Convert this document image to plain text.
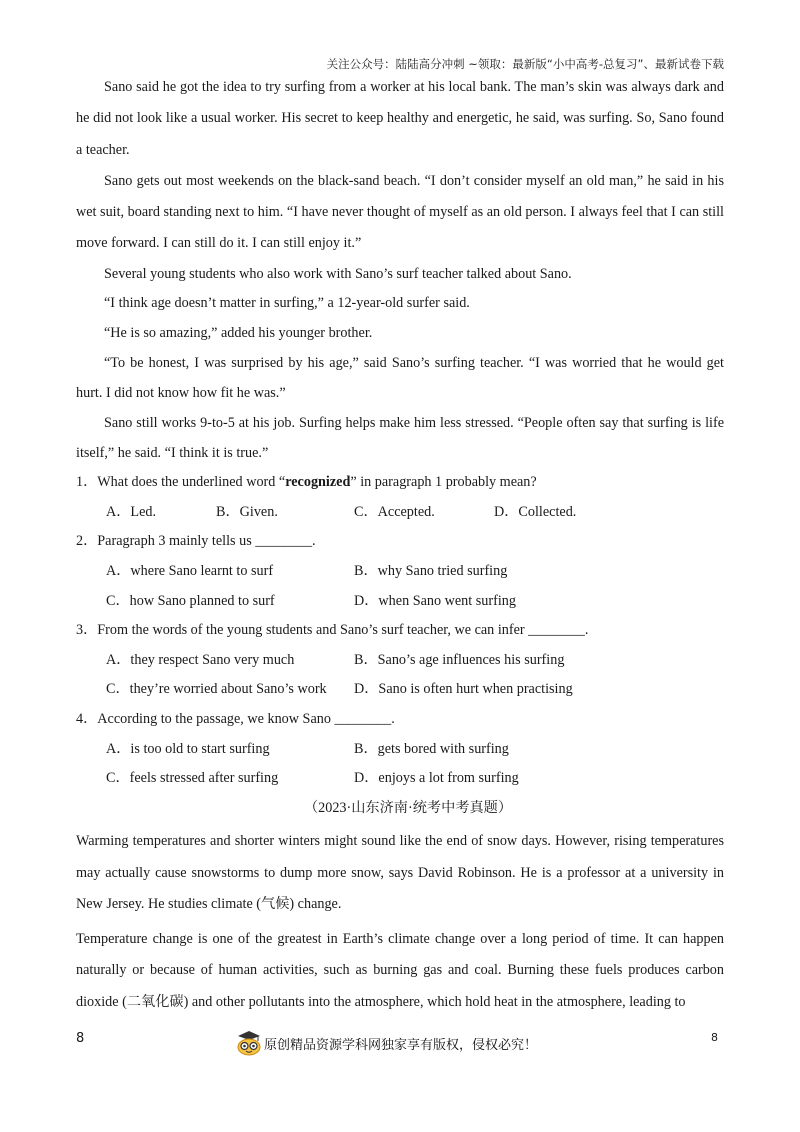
关注公众号：陆陆高分冲刺 ~领取：最新版“小中高考-总复习”、最新试卷下载

Sano said he got the idea to try surfing from a worker at his local bank. The man’s skin was always dark and he did not look like a usual worker. His secret to keep healthy and energetic, he said, was surfing. So, Sano found a teacher.

Sano gets out most weekends on the black-sand beach. “I don’t consider myself an old man,” he said in his wet suit, board standing next to him. “I have never thought of myself as an old person. I always feel that I can still move forward. I can still do it. I can still enjoy it.”

Several young students who also work with Sano’s surf teacher talked about Sano.
“I think age doesn’t matter in surfing,” a 12-year-old surfer said.
“He is so amazing,” added his younger brother.

“To be honest, I was surprised by his age,” said Sano’s surfing teacher. “I was worried that he would get hurt. I did not know how fit he was.”

Sano still works 9-to-5 at his job. Surfing helps make him less stressed. “People often say that surfing is life itself,” he said. “I think it is true.”

1．What does the underlined word “recognized” in paragraph 1 probably mean?
A．Led.	B．Given.	C．Accepted.	D．Collected.
2．Paragraph 3 mainly tells us ________.
A．where Sano learnt to surf	B．why Sano tried surfing
C．how Sano planned to surf	D．when Sano went surfing
3．From the words of the young students and Sano’s surf teacher, we can infer ________.
A．they respect Sano very much	B．Sano’s age influences his surfing
C．they’re worried about Sano’s work	D．Sano is often hurt when practising
4．According to the passage, we know Sano ________.
A．is too old to start surfing	B．gets bored with surfing
C．feels stressed after surfing	D．enjoys a lot from surfing
（2023·山东济南·统考中考真题）

Warming temperatures and shorter winters might sound like the end of snow days. However, rising temperatures may actually cause snowstorms to dump more snow, says David Robinson. He is a professor at a university in New Jersey. He studies climate (气候) change.

Temperature change is one of the greatest in Earth’s climate change over a long period of time. It can happen naturally or because of human activities, such as burning gas and coal. Burning these fuels produces carbon dioxide (二氧化碳) and other pollutants into the atmosphere, which hold heat in the atmosphere, leading to

8	原创精品资源学科网独家享有版权，侵权必究！	8
